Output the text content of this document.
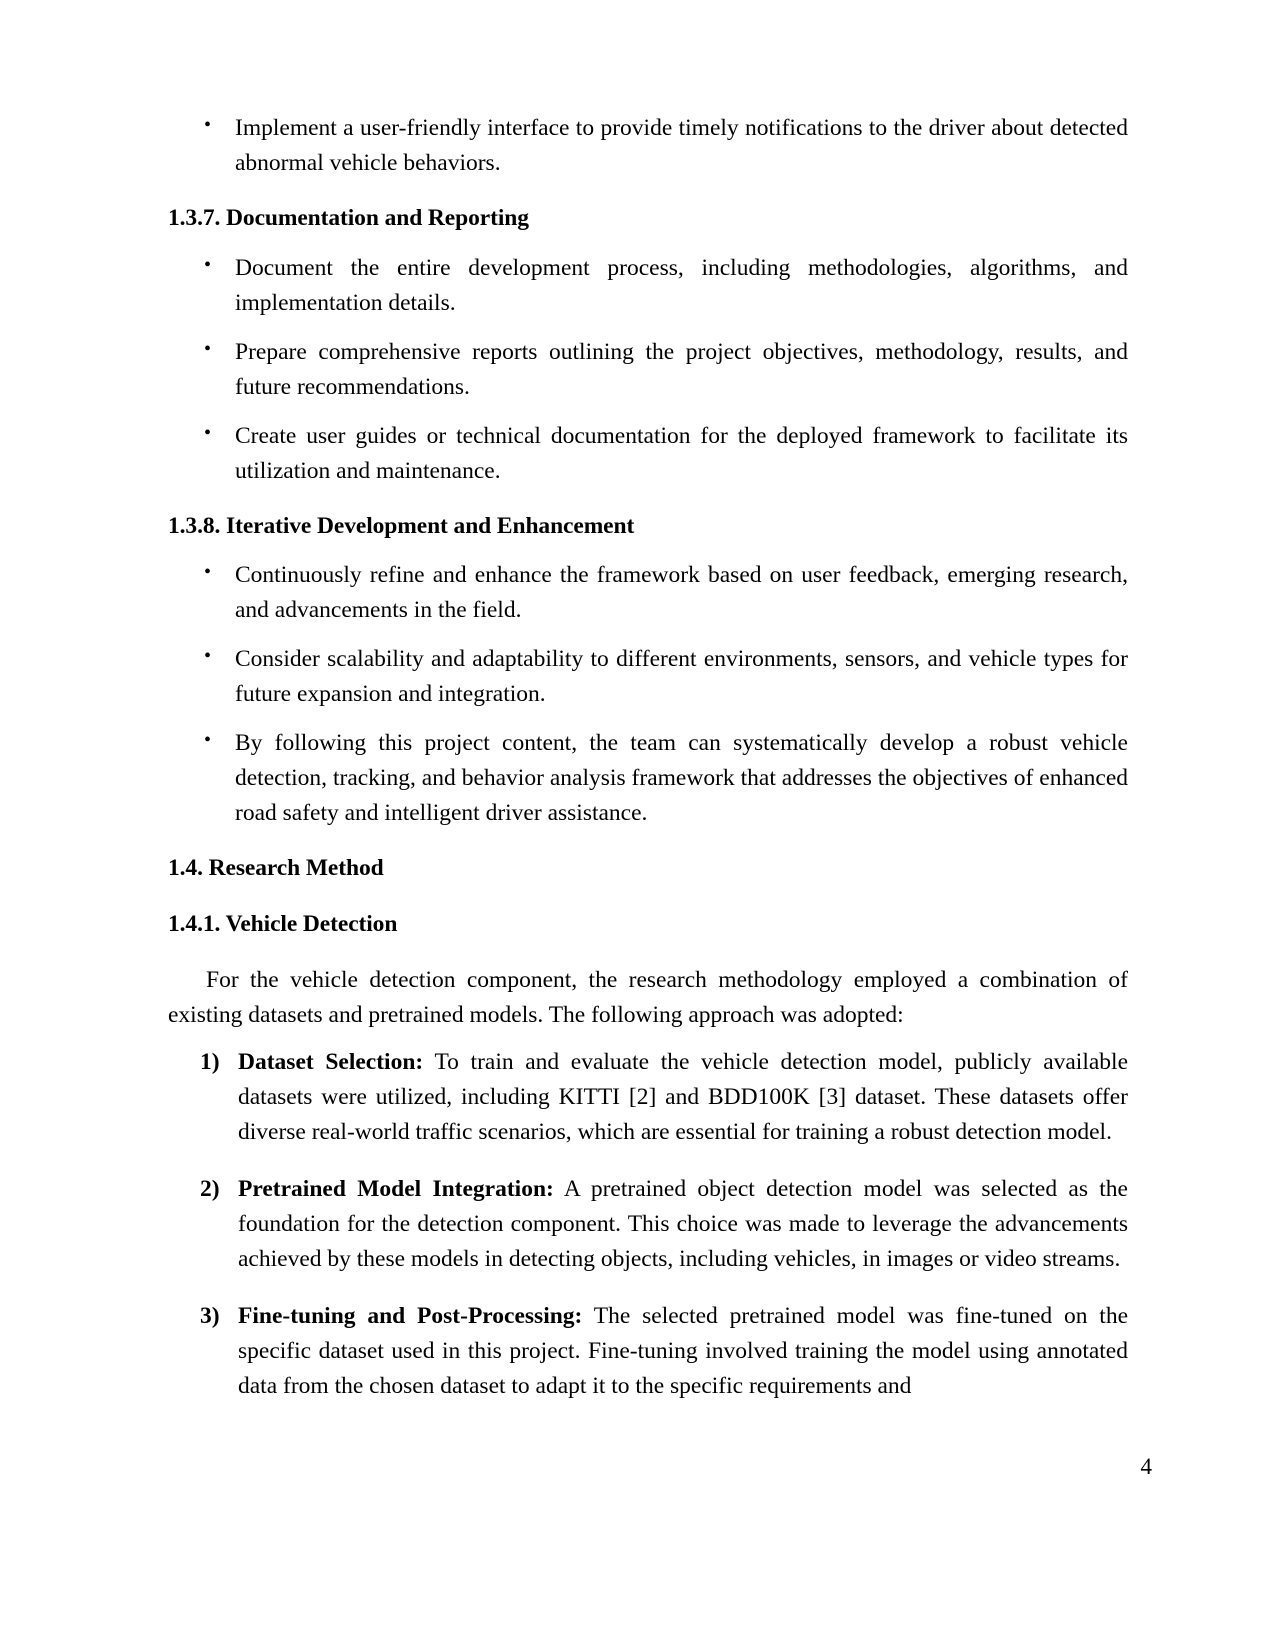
• Implement a user-friendly interface to provide timely notifications to the driver about detected abnormal vehicle behaviors.
1.3.7. Documentation and Reporting
• Document the entire development process, including methodologies, algorithms, and implementation details.
• Prepare comprehensive reports outlining the project objectives, methodology, results, and future recommendations.
• Create user guides or technical documentation for the deployed framework to facilitate its utilization and maintenance.
1.3.8. Iterative Development and Enhancement
• Continuously refine and enhance the framework based on user feedback, emerging research, and advancements in the field.
• Consider scalability and adaptability to different environments, sensors, and vehicle types for future expansion and integration.
• By following this project content, the team can systematically develop a robust vehicle detection, tracking, and behavior analysis framework that addresses the objectives of enhanced road safety and intelligent driver assistance.
1.4. Research Method
1.4.1. Vehicle Detection

For the vehicle detection component, the research methodology employed a combination of existing datasets and pretrained models. The following approach was adopted:

1) Dataset Selection: To train and evaluate the vehicle detection model, publicly available datasets were utilized, including KITTI [2] and BDD100K [3] dataset. These datasets offer diverse real-world traffic scenarios, which are essential for training a robust detection model.
2) Pretrained Model Integration: A pretrained object detection model was selected as the foundation for the detection component. This choice was made to leverage the advancements achieved by these models in detecting objects, including vehicles, in images or video streams.
3) Fine-tuning and Post-Processing: The selected pretrained model was fine-tuned on the specific dataset used in this project. Fine-tuning involved training the model using annotated data from the chosen dataset to adapt it to the specific requirements and
4
